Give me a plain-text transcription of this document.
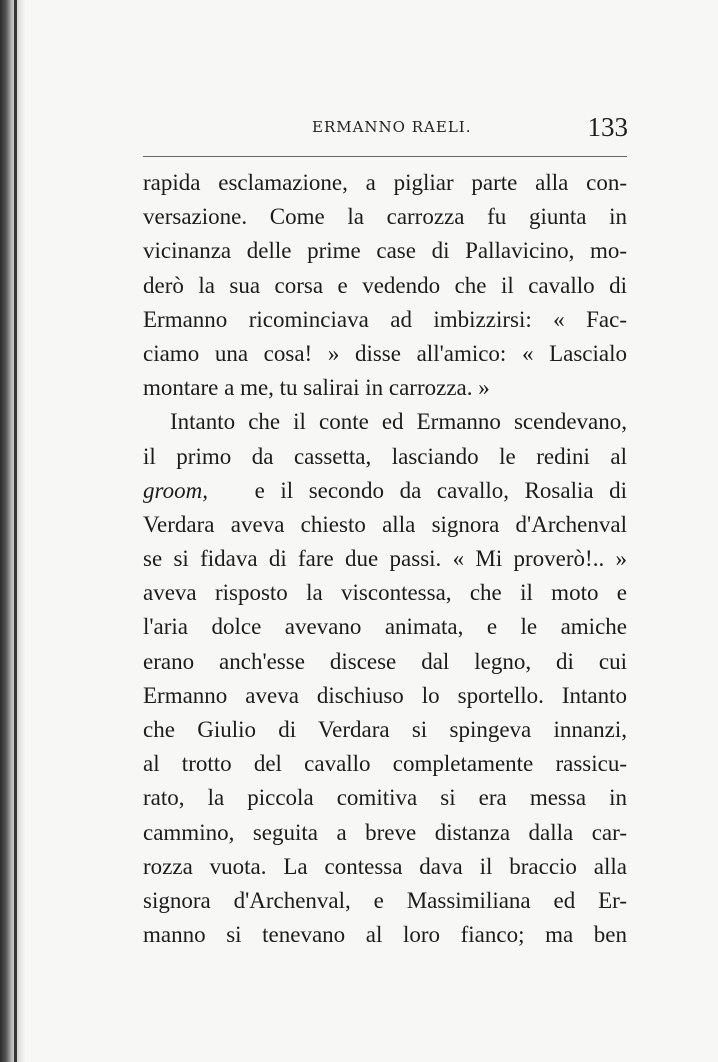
ERMANNO RAELI.	133
rapida esclamazione, a pigliar parte alla con-
versazione. Come la carrozza fu giunta in
vicinanza delle prime case di Pallavicino, mo-
derò la sua corsa e vedendo che il cavallo di
Ermanno ricominciava ad imbizzirsi: « Fac-
ciamo una cosa! » disse all'amico: « Lascialo
montare a me, tu salirai in carrozza. »
Intanto che il conte ed Ermanno scendevano,
il primo da cassetta, lasciando le redini al
groom, e il secondo da cavallo, Rosalia di
Verdara aveva chiesto alla signora d'Archenval
se si fidava di fare due passi. « Mi proverò!.. »
aveva risposto la viscontessa, che il moto e
l'aria dolce avevano animata, e le amiche
erano anch'esse discese dal legno, di cui
Ermanno aveva dischiuso lo sportello. Intanto
che Giulio di Verdara si spingeva innanzi,
al trotto del cavallo completamente rassicu-
rato, la piccola comitiva si era messa in
cammino, seguita a breve distanza dalla car-
rozza vuota. La contessa dava il braccio alla
signora d'Archenval, e Massimiliana ed Er-
manno si tenevano al loro fianco; ma ben
